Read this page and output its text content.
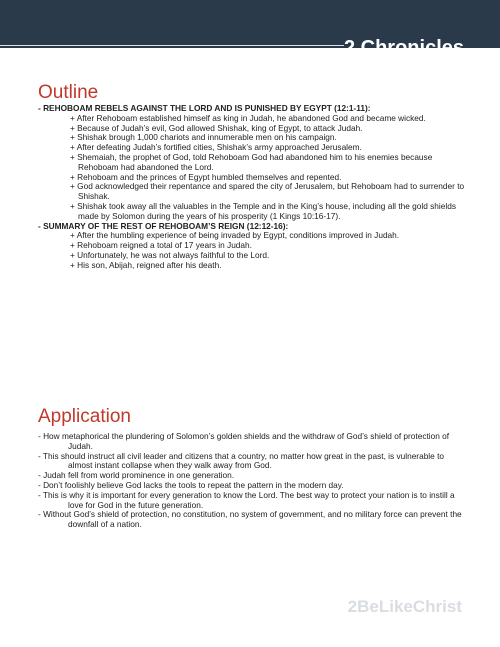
2 Chronicles
Outline
- REHOBOAM REBELS AGAINST THE LORD AND IS PUNISHED BY EGYPT (12:1-11):
+ After Rehoboam established himself as king in Judah, he abandoned God and became wicked.
+ Because of Judah’s evil, God allowed Shishak, king of Egypt, to attack Judah.
+ Shishak brough 1,000 chariots and innumerable men on his campaign.
+ After defeating Judah’s fortified cities, Shishak’s army approached Jerusalem.
+ Shemaiah, the prophet of God, told Rehoboam God had abandoned him to his enemies because Rehoboam had abandoned the Lord.
+ Rehoboam and the princes of Egypt humbled themselves and repented.
+ God acknowledged their repentance and spared the city of Jerusalem, but Rehoboam had to surrender to Shishak.
+ Shishak took away all the valuables in the Temple and in the King’s house, including all the gold shields made by Solomon during the years of his prosperity (1 Kings 10:16-17).
- SUMMARY OF THE REST OF REHOBOAM’S REIGN (12:12-16):
+ After the humbling experience of being invaded by Egypt, conditions improved in Judah.
+ Rehoboam reigned a total of 17 years in Judah.
+ Unfortunately, he was not always faithful to the Lord.
+ His son, Abijah, reigned after his death.
Application
- How metaphorical the plundering of Solomon’s golden shields and the withdraw of God’s shield of protection of Judah.
- This should instruct all civil leader and citizens that a country, no matter how great in the past, is vulnerable to almost instant collapse when they walk away from God.
- Judah fell from world prominence in one generation.
- Don’t foolishly believe God lacks the tools to repeat the pattern in the modern day.
- This is why it is important for every generation to know the Lord. The best way to protect your nation is to instill a love for God in the future generation.
- Without God’s shield of protection, no constitution, no system of government, and no military force can prevent the downfall of a nation.
2BeLikeChrist
